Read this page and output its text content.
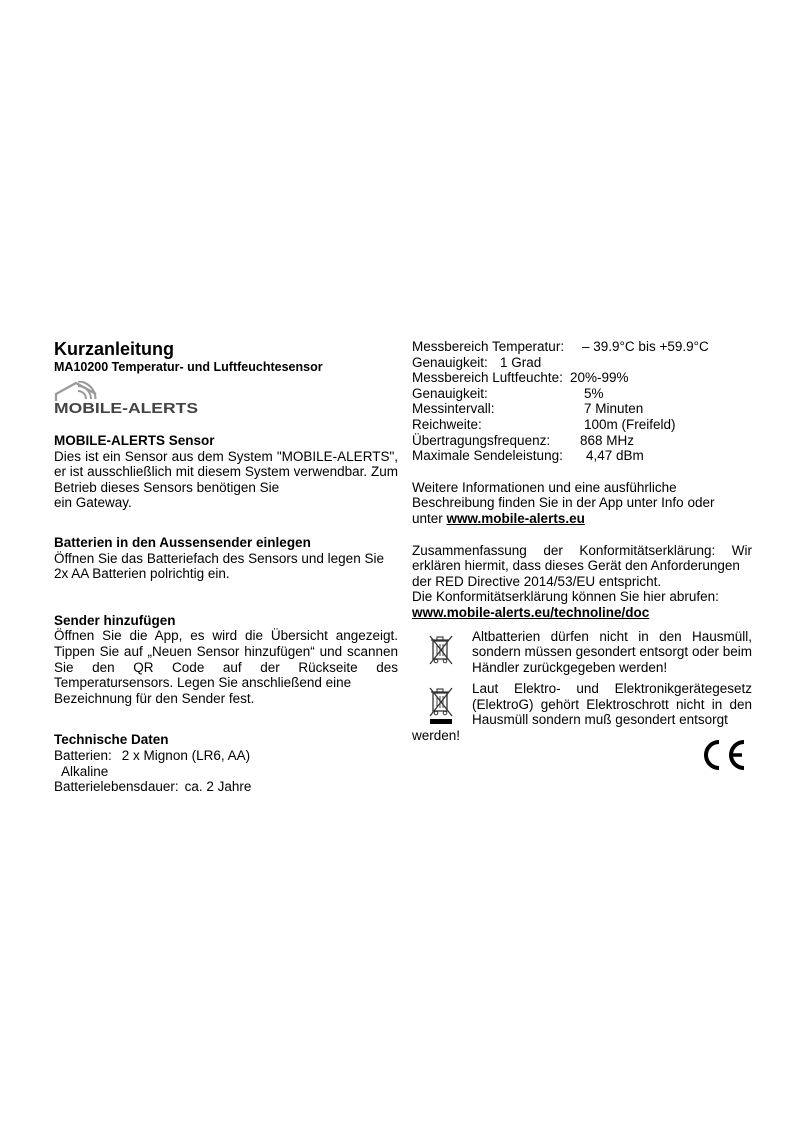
Kurzanleitung

MA10200 Temperatur- und Luftfeuchtesensor

MOBILE-ALERTS

MOBILE-ALERTS Sensor

Dies ist ein Sensor aus dem System "MOBILE-ALERTS", er ist ausschließlich mit diesem System verwendbar. Zum Betrieb dieses Sensors benötigen Sie

ein Gateway.

Batterien in den Aussensender einlegen

Öffnen Sie das Batteriefach des Sensors und legen Sie 2x AA Batterien polrichtig ein.

Sender hinzufügen

Öffnen Sie die App, es wird die Übersicht angezeigt. Tippen Sie auf „Neuen Sensor hinzufügen“ und scannen Sie den QR Code auf der Rückseite des Temperatursensors. Legen Sie anschließend eine

Bezeichnung für den Sender fest.

Technische Daten

Batterien: 2 x Mignon (LR6, AA)

Alkaline

Batterielebensdauer: ca. 2 Jahre
Messbereich Temperatur:	– 39.9°C bis +59.9°C
Genauigkeit: 1 Grad
Messbereich Luftfeuchte: 20%-99%
Genauigkeit:	5%
Messintervall:	7 Minuten
Reichweite:	100m (Freifeld)
Übertragungsfrequenz:	868 MHz
Maximale Sendeleistung:	4,47 dBm

Weitere Informationen und eine ausführliche Beschreibung finden Sie in der App unter Info oder

unter www.mobile-alerts.eu

Zusammenfassung der Konformitätserklärung: Wir erklären hiermit, dass dieses Gerät den Anforderungen

der RED Directive 2014/53/EU entspricht.

Die Konformitätserklärung können Sie hier abrufen:

www.mobile-alerts.eu/technoline/doc

Altbatterien dürfen nicht in den Hausmüll, sondern müssen gesondert entsorgt oder beim Händler zurückgegeben werden!

Laut Elektro- und Elektronikgerätegesetz (ElektroG) gehört Elektroschrott nicht in den Hausmüll sondern muß gesondert entsorgt

werden!
